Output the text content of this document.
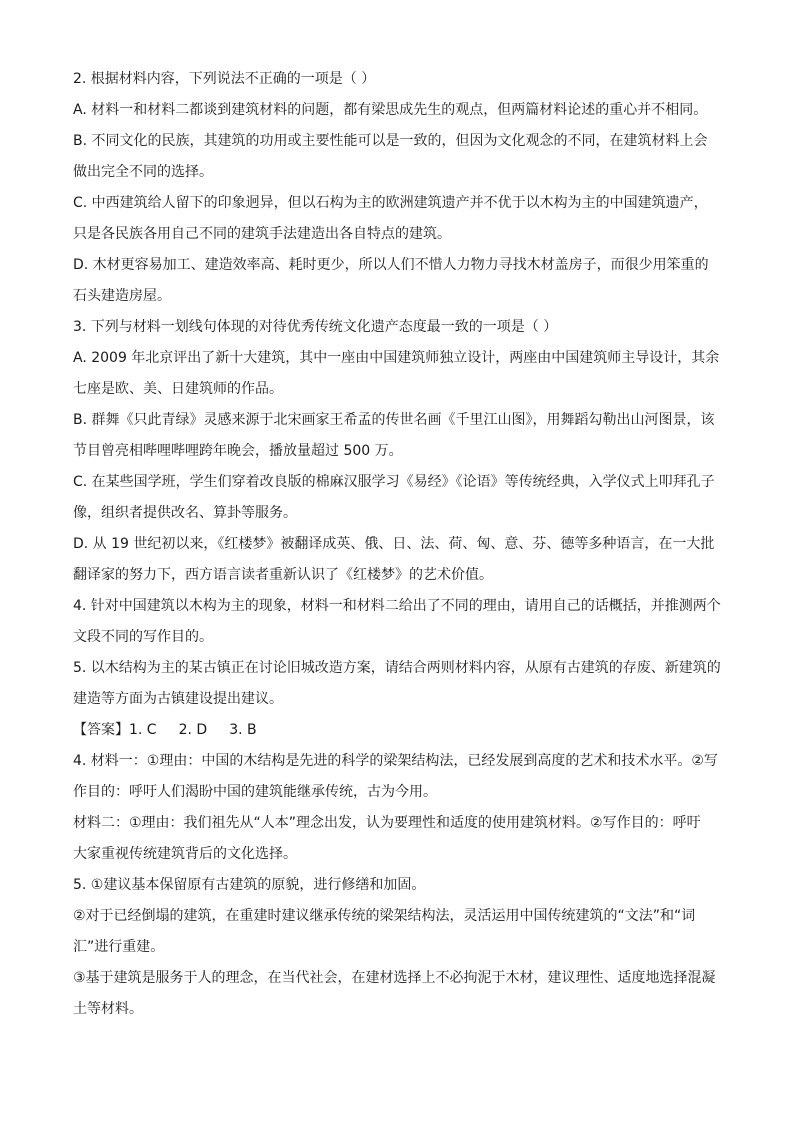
2. 根据材料内容，下列说法不正确的一项是（ ）
A. 材料一和材料二都谈到建筑材料的问题，都有梁思成先生的观点，但两篇材料论述的重心并不相同。
B. 不同文化的民族，其建筑的功用或主要性能可以是一致的，但因为文化观念的不同，在建筑材料上会
做出完全不同的选择。
C. 中西建筑给人留下的印象迥异，但以石构为主的欧洲建筑遗产并不优于以木构为主的中国建筑遗产，
只是各民族各用自己不同的建筑手法建造出各自特点的建筑。
D. 木材更容易加工、建造效率高、耗时更少，所以人们不惜人力物力寻找木材盖房子，而很少用笨重的
石头建造房屋。
3. 下列与材料一划线句体现的对待优秀传统文化遗产态度最一致的一项是（ ）
A. 2009 年北京评出了新十大建筑，其中一座由中国建筑师独立设计，两座由中国建筑师主导设计，其余
七座是欧、美、日建筑师的作品。
B. 群舞《只此青绿》灵感来源于北宋画家王希孟的传世名画《千里江山图》，用舞蹈勾勒出山河图景，该
节目曾亮相哔哩哔哩跨年晚会，播放量超过 500 万。
C. 在某些国学班，学生们穿着改良版的棉麻汉服学习《易经》《论语》等传统经典，入学仪式上叩拜孔子
像，组织者提供改名、算卦等服务。
D. 从 19 世纪初以来，《红楼梦》被翻译成英、俄、日、法、荷、匈、意、芬、德等多种语言，在一大批
翻译家的努力下，西方语言读者重新认识了《红楼梦》的艺术价值。
4. 针对中国建筑以木构为主的现象，材料一和材料二给出了不同的理由，请用自己的话概括，并推测两个
文段不同的写作目的。
5. 以木结构为主的某古镇正在讨论旧城改造方案，请结合两则材料内容，从原有古建筑的存废、新建筑的
建造等方面为古镇建设提出建议。
【答案】1. C 2. D 3. B
4. 材料一：①理由：中国的木结构是先进的科学的梁架结构法，已经发展到高度的艺术和技术水平。②写
作目的：呼吁人们渴盼中国的建筑能继承传统，古为今用。
材料二：①理由：我们祖先从“人本”理念出发，认为要理性和适度的使用建筑材料。②写作目的：呼吁
大家重视传统建筑背后的文化选择。
5. ①建议基本保留原有古建筑的原貌，进行修缮和加固。
②对于已经倒塌的建筑，在重建时建议继承传统的梁架结构法，灵活运用中国传统建筑的“文法”和“词
汇”进行重建。
③基于建筑是服务于人的理念，在当代社会，在建材选择上不必拘泥于木材，建议理性、适度地选择混凝
土等材料。
